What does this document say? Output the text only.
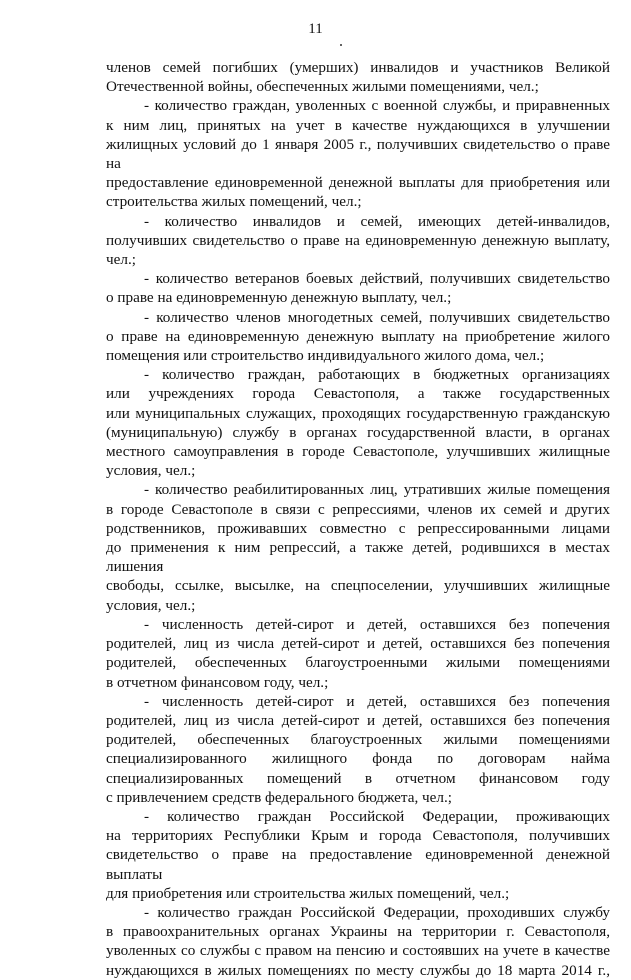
11
членов семей погибших (умерших) инвалидов и участников Великой
Отечественной войны, обеспеченных жилыми помещениями, чел.;
- количество граждан, уволенных с военной службы, и приравненных
к ним лиц, принятых на учет в качестве нуждающихся в улучшении
жилищных условий до 1 января 2005 г., получивших свидетельство о праве на
предоставление единовременной денежной выплаты для приобретения или
строительства жилых помещений, чел.;
- количество инвалидов и семей, имеющих детей-инвалидов,
получивших свидетельство о праве на единовременную денежную выплату,
чел.;
- количество ветеранов боевых действий, получивших свидетельство
о праве на единовременную денежную выплату, чел.;
- количество членов многодетных семей, получивших свидетельство
о праве на единовременную денежную выплату на приобретение жилого
помещения или строительство индивидуального жилого дома, чел.;
- количество граждан, работающих в бюджетных организациях
или учреждениях города Севастополя, а также государственных
или муниципальных служащих, проходящих государственную гражданскую
(муниципальную) службу в органах государственной власти, в органах
местного самоуправления в городе Севастополе, улучшивших жилищные
условия, чел.;
- количество реабилитированных лиц, утративших жилые помещения
в городе Севастополе в связи с репрессиями, членов их семей и других
родственников, проживавших совместно с репрессированными лицами
до применения к ним репрессий, а также детей, родившихся в местах лишения
свободы, ссылке, высылке, на спецпоселении, улучшивших жилищные
условия, чел.;
- численность детей-сирот и детей, оставшихся без попечения
родителей, лиц из числа детей-сирот и детей, оставшихся без попечения
родителей, обеспеченных благоустроенными жилыми помещениями
в отчетном финансовом году, чел.;
- численность детей-сирот и детей, оставшихся без попечения
родителей, лиц из числа детей-сирот и детей, оставшихся без попечения
родителей, обеспеченных благоустроенных жилыми помещениями
специализированного жилищного фонда по договорам найма
специализированных помещений в отчетном финансовом году
с привлечением средств федерального бюджета, чел.;
- количество граждан Российской Федерации, проживающих
на территориях Республики Крым и города Севастополя, получивших
свидетельство о праве на предоставление единовременной денежной выплаты
для приобретения или строительства жилых помещений, чел.;
- количество граждан Российской Федерации, проходивших службу
в правоохранительных органах Украины на территории г. Севастополя,
уволенных со службы с правом на пенсию и состоявших на учете в качестве
нуждающихся в жилых помещениях по месту службы до 18 марта 2014 г.,
